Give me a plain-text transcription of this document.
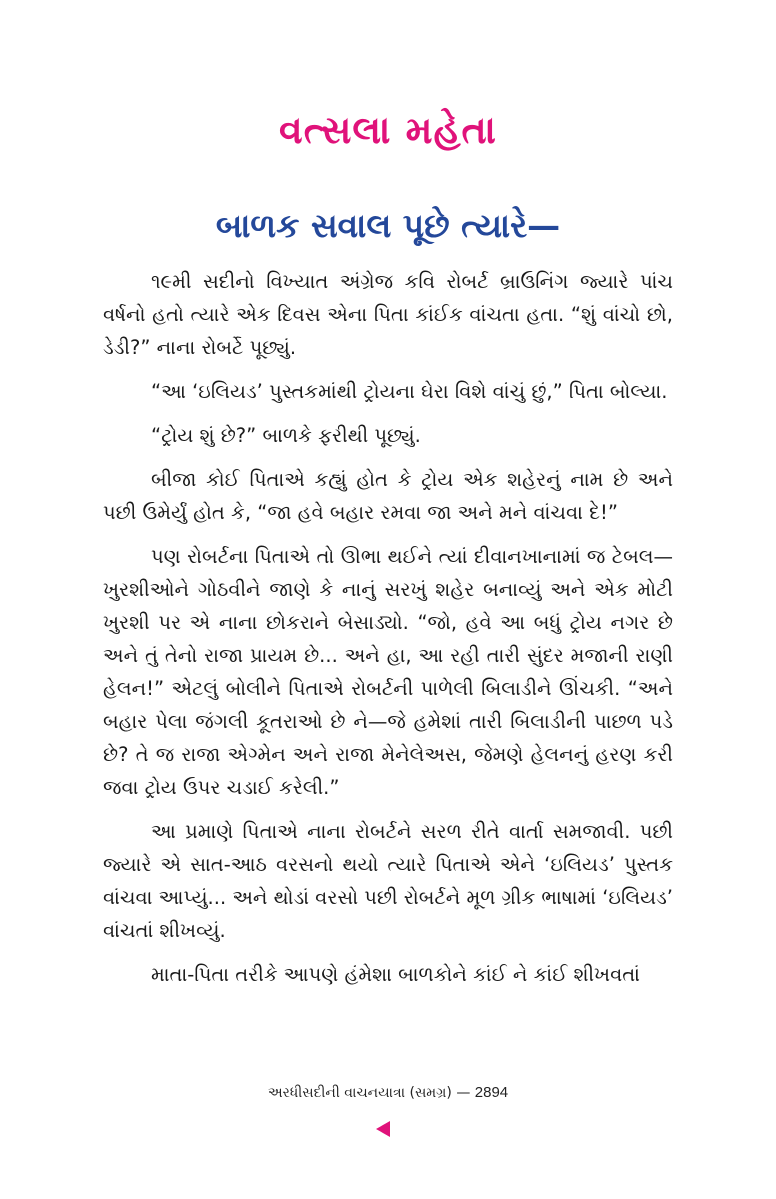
વત્સલા મહેતા
બાળક સવાલ પૂછે ત્યારે—

૧૯મી સદીનો વિખ્યાત અંગ્રેજ કવિ રોબર્ટ બ્રાઉનિંગ જ્યારે પાંચ વર્ષનો હતો ત્યારે એક દિવસ એના પિતા કાંઈક વાંચતા હતા. “શું વાંચો છો, ડેડી?” નાના રોબર્ટે પૂછ્યું.

“આ ‘ઇલિયડ’ પુસ્તકમાંથી ટ્રોયના ઘેરા વિશે વાંચું છું,” પિતા બોલ્યા.

“ટ્રોય શું છે?” બાળકે ફરીથી પૂછ્યું.

બીજા કોઈ પિતાએ કહ્યું હોત કે ટ્રોય એક શહેરનું નામ છે અને પછી ઉમેર્યું હોત કે, “જા હવે બહાર રમવા જા અને મને વાંચવા દે!”

પણ રોબર્ટના પિતાએ તો ઊભા થઈને ત્યાં દીવાનખાનામાં જ ટેબલ—ખુરશીઓને ગોઠવીને જાણે કે નાનું સરખું શહેર બનાવ્યું અને એક મોટી ખુરશી પર એ નાના છોકરાને બેસાડ્યો. “જો, હવે આ બધું ટ્રોય નગર છે અને તું તેનો રાજા પ્રાયમ છે... અને હા, આ રહી તારી સુંદર મજાની રાણી હેલન!” એટલું બોલીને પિતાએ રોબર્ટની પાળેલી બિલાડીને ઊંચકી. “અને બહાર પેલા જંગલી કૂતરાઓ છે ને—જે હમેશાં તારી બિલાડીની પાછળ પડે છે? તે જ રાજા એગ્મેન અને રાજા મેનેલેઅસ, જેમણે હેલનનું હરણ કરી જવા ટ્રોય ઉપર ચડાઈ કરેલી.”

આ પ્રમાણે પિતાએ નાના રોબર્ટને સરળ રીતે વાર્તા સમજાવી. પછી જ્યારે એ સાત-આઠ વરસનો થયો ત્યારે પિતાએ એને ‘ઇલિયડ’ પુસ્તક વાંચવા આપ્યું... અને થોડાં વરસો પછી રોબર્ટને મૂળ ગ્રીક ભાષામાં ‘ઇલિયડ’ વાંચતાં શીખવ્યું.

માતા-પિતા તરીકે આપણે હંમેશા બાળકોને કાંઈ ને કાંઈ શીખવતાં

અરધીસદીની વાચનયાત્રા (સમગ્ર) — 2894
